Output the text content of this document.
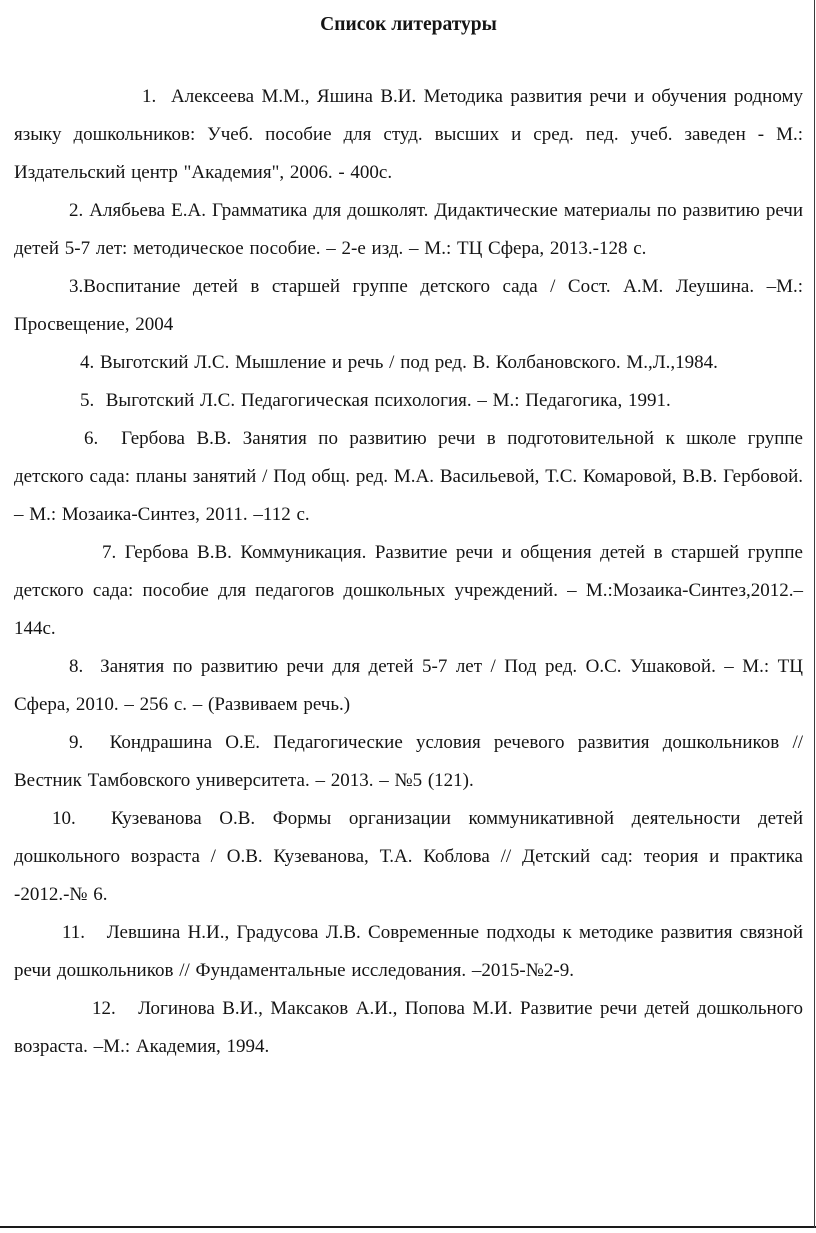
Список литературы

1.  Алексеева М.М., Яшина В.И. Методика развития речи и обучения родному языку дошкольников: Учеб. пособие для студ. высших и сред. пед. учеб. заведен - М.: Издательский центр "Академия", 2006. - 400с.

2. Алябьева Е.А. Грамматика для дошколят. Дидактические материалы по развитию речи детей 5-7 лет: методическое пособие. – 2-е изд. – М.: ТЦ Сфера, 2013.-128 с.

3.Воспитание детей в старшей группе детского сада / Сост. А.М. Леушина. –М.: Просвещение, 2004

4. Выготский Л.С. Мышление и речь / под ред. В. Колбановского. М.,Л.,1984.

5.  Выготский Л.С. Педагогическая психология. – М.: Педагогика, 1991.

6.  Гербова В.В. Занятия по развитию речи в подготовительной к школе группе детского сада: планы занятий / Под общ. ред. М.А. Васильевой, Т.С. Комаровой, В.В. Гербовой. – М.: Мозаика-Синтез, 2011. –112 с.

7. Гербова В.В. Коммуникация. Развитие речи и общения детей в старшей группе детского сада: пособие для педагогов дошкольных учреждений. – М.:Мозаика-Синтез,2012.–144с.

8.  Занятия по развитию речи для детей 5-7 лет / Под ред. О.С. Ушаковой. – М.: ТЦ Сфера, 2010. – 256 с. – (Развиваем речь.)

9.  Кондрашина О.Е. Педагогические условия речевого развития дошкольников // Вестник Тамбовского университета. – 2013. – №5 (121).

10.  Кузеванова О.В. Формы организации коммуникативной деятельности детей дошкольного возраста / О.В. Кузеванова, Т.А. Коблова // Детский сад: теория и практика -2012.-№ 6.

11.   Левшина Н.И., Градусова Л.В. Современные подходы к методике развития связной речи дошкольников // Фундаментальные исследования. –2015-№2-9.

12.   Логинова В.И., Максаков А.И., Попова М.И. Развитие речи детей дошкольного возраста. –М.: Академия, 1994.
